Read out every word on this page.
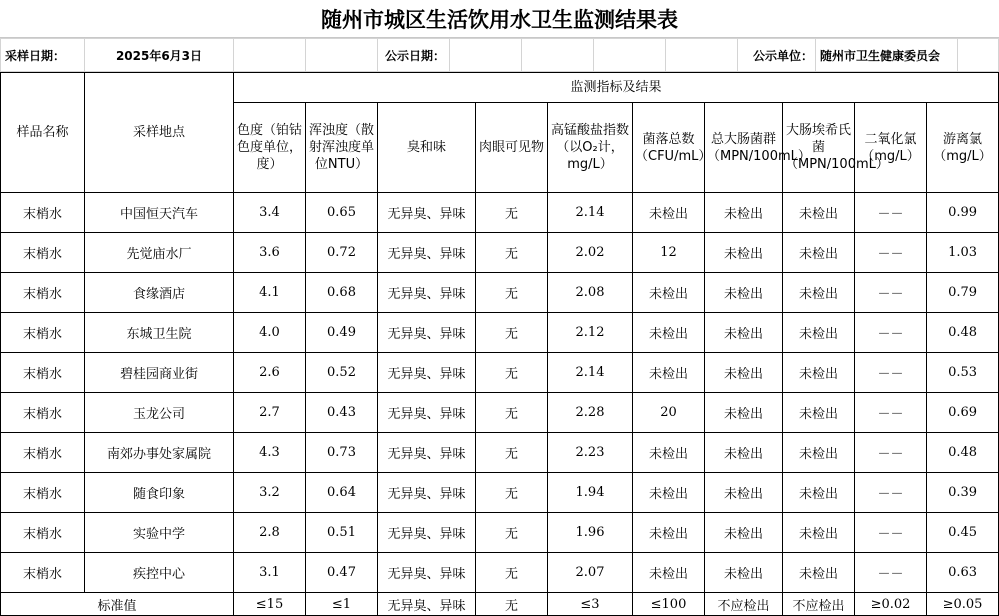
随州市城区生活饮用水卫生监测结果表
采样日期：	2025年6月3日			公示日期：					公示单位：	随州市卫生健康委员会	
样品名称	采样地点	监测指标及结果									
		色度（铂钴色度单位，度）	浑浊度（散射浑浊度单位NTU）	臭和味	肉眼可见物	高锰酸盐指数（以O₂计，mg/L）	菌落总数（CFU/mL）	总大肠菌群（MPN/100mL）	大肠埃希氏菌（MPN/100mL）	二氧化氯（mg/L）	游离氯（mg/L）
末梢水	中国恒天汽车	3.4	0.65	无异臭、异味	无	2.14	未检出	未检出	未检出	－－	0.99
末梢水	先觉庙水厂	3.6	0.72	无异臭、异味	无	2.02	12	未检出	未检出	－－	1.03
末梢水	食缘酒店	4.1	0.68	无异臭、异味	无	2.08	未检出	未检出	未检出	－－	0.79
末梢水	东城卫生院	4.0	0.49	无异臭、异味	无	2.12	未检出	未检出	未检出	－－	0.48
末梢水	碧桂园商业街	2.6	0.52	无异臭、异味	无	2.14	未检出	未检出	未检出	－－	0.53
末梢水	玉龙公司	2.7	0.43	无异臭、异味	无	2.28	20	未检出	未检出	－－	0.69
末梢水	南郊办事处家属院	4.3	0.73	无异臭、异味	无	2.23	未检出	未检出	未检出	－－	0.48
末梢水	随食印象	3.2	0.64	无异臭、异味	无	1.94	未检出	未检出	未检出	－－	0.39
末梢水	实验中学	2.8	0.51	无异臭、异味	无	1.96	未检出	未检出	未检出	－－	0.45
末梢水	疾控中心	3.1	0.47	无异臭、异味	无	2.07	未检出	未检出	未检出	－－	0.63
标准值		≤15	≤1	无异臭、异味	无	≤3	≤100	不应检出	不应检出	≥0.02	≥0.05
